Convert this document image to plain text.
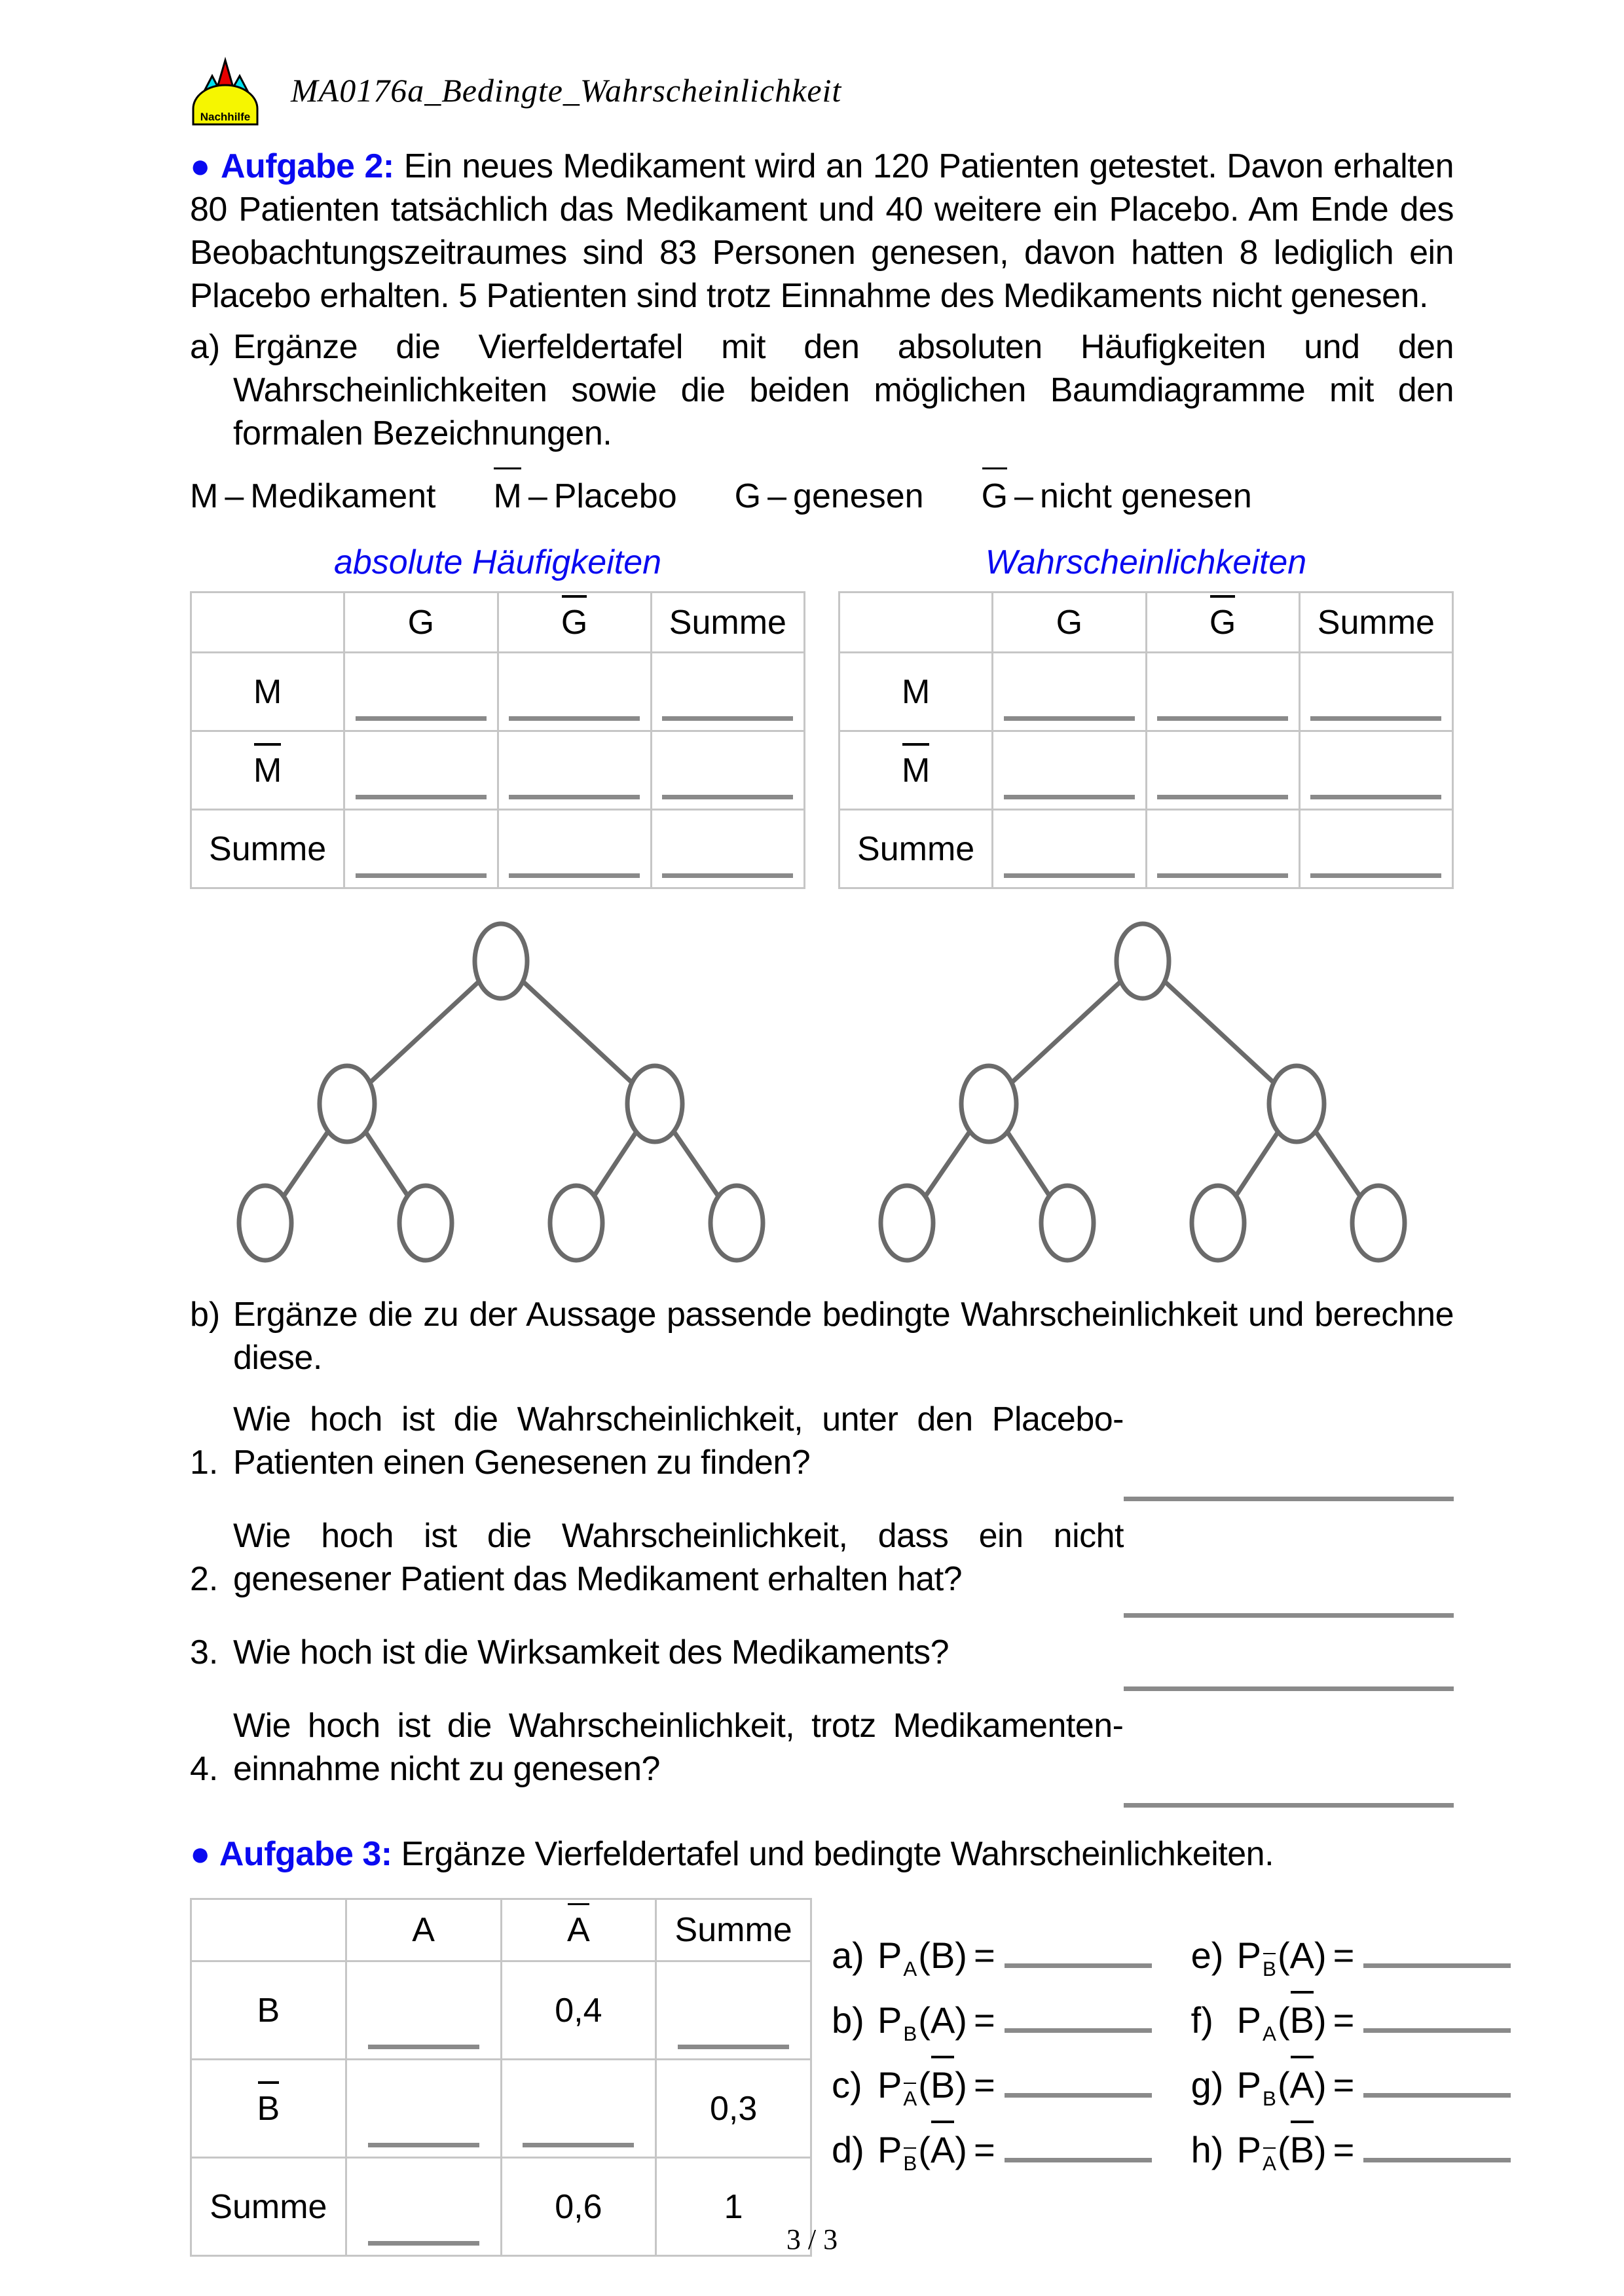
Nachhilfe
MA0176a_Bedingte_Wahrscheinlichkeit

● Aufgabe 2: Ein neues Medikament wird an 120 Patienten getestet. Davon erhalten 80 Patienten tatsächlich das Medikament und 40 weitere ein Placebo. Am Ende des Beobachtungszeitraumes sind 83 Personen genesen, davon hatten 8 lediglich ein Placebo erhalten. 5 Patienten sind trotz Einnahme des Medikaments nicht genesen.

a) Ergänze die Vierfeldertafel mit den absoluten Häufigkeiten und den Wahrscheinlichkeiten sowie die beiden möglichen Baumdiagramme mit den formalen Bezeichnungen.
M – Medikament M – Placebo G – genesen G – nicht genesen
absolute Häufigkeiten
	G	G	Summe
M	

M	

Summe	

Wahrscheinlichkeiten
	G	G	Summe
M	

M	

Summe	

b) Ergänze die zu der Aussage passende bedingte Wahrscheinlichkeit und berechne diese.
1.
Wie hoch ist die Wahrscheinlichkeit, unter den Placebo-Patienten einen Genesenen zu finden?
2.
Wie hoch ist die Wahrscheinlichkeit, dass ein nicht genesener Patient das Medikament erhalten hat?
3. Wie hoch ist die Wirksamkeit des Medikaments?
4.
Wie hoch ist die Wahrscheinlichkeit, trotz Medikamenteneinnahme nicht zu genesen?

● Aufgabe 3: Ergänze Vierfeldertafel und bedingte Wahrscheinlichkeiten.

	A	A	Summe
B		0,4	

B			0,3
Summe		0,6	1
a) P A ( B ) =	e) P B ( A ) =
b) P B ( A ) =	f) P A ( B ) =
c) P A ( B ) =	g) P B ( A ) =
d) P B ( A ) =	h) P A ( B ) =
3 / 3
